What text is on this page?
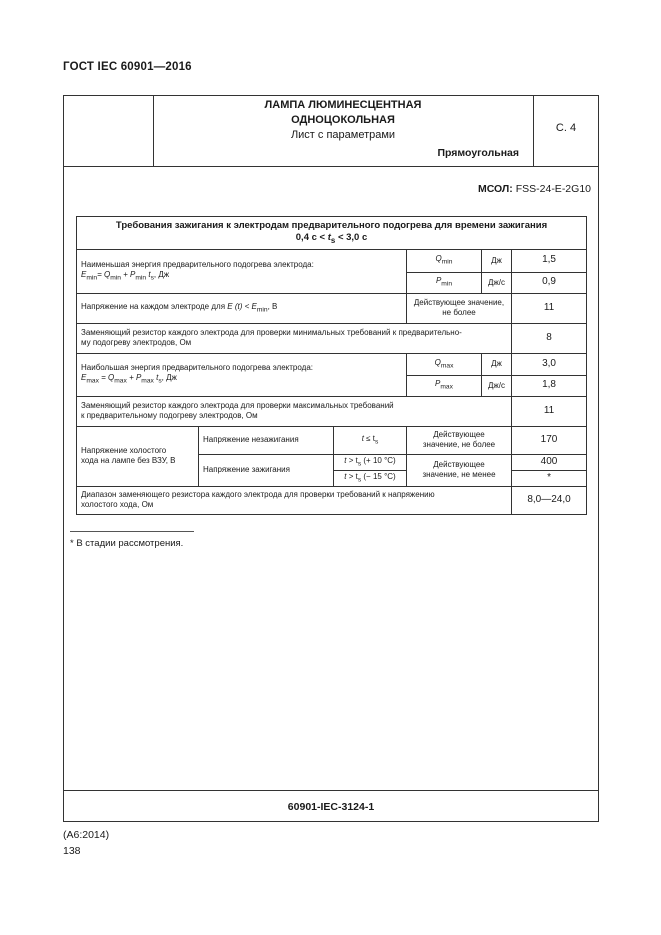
ГОСТ IEC 60901—2016
ЛАМПА ЛЮМИНЕСЦЕНТНАЯ
ОДНОЦОКОЛЬНАЯ
Лист с параметрами
Прямоугольная
С. 4
МСОЛ: FSS-24-E-2G10
Требования зажигания к электродам предварительного подогрева для времени зажигания
0,4 $с < t_s < 3,0$ с					
Наименьшая энергия предварительного подогрева электрода:
$E_{min}= Q_{min} + P_{min}$ $t_s$, Дж			$Q_{min}$	Дж	1,5
			$P_{min}$	Дж/с	0,9
Напряжение на каждом электроде для E $(t) < E_{min}$, В			Действующее значение,
не более		11
Заменяющий резистор каждого электрода для проверки минимальных требований к предварительно-
му подогреву электродов, Ом					8
Наибольшая энергия предварительного подогрева электрода:
$E_{max} = Q_{max} + P_{max}$ $t_s$, Дж			$Q_{max}$	Дж	3,0
			$P_{max}$	Дж/с	1,8
Заменяющий резистор каждого электрода для проверки максимальных требований
к предварительному подогреву электродов, Ом					11
Напряжение холостого
хода на лампе без ВЗУ, В	Напряжение незажигания	$t \le t_s$	Действующее
значение, не более		170
	Напряжение зажигания	$t > t_s$ (+ 10 °С)	Действующее
значение, не менее		400
		$t > t_s$ (− 15 °С)			*
Диапазон заменяющего резистора каждого электрода для проверки требований к напряжению
холостого хода, Ом					8,0—24,0
* В стадии рассмотрения.
60901-IEC-3124-1
(А6:2014)
138
